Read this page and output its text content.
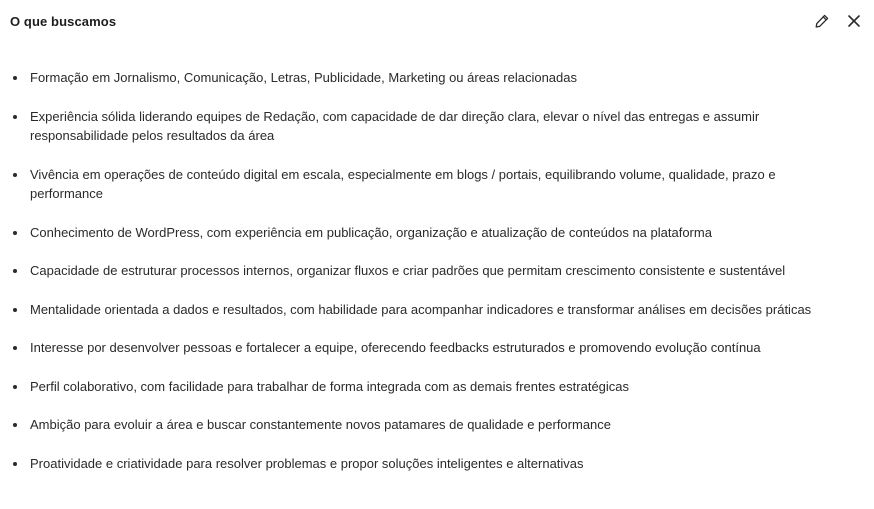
O que buscamos
Formação em Jornalismo, Comunicação, Letras, Publicidade, Marketing ou áreas relacionadas
Experiência sólida liderando equipes de Redação, com capacidade de dar direção clara, elevar o nível das entregas e assumir responsabilidade pelos resultados da área
Vivência em operações de conteúdo digital em escala, especialmente em blogs / portais, equilibrando volume, qualidade, prazo e performance
Conhecimento de WordPress, com experiência em publicação, organização e atualização de conteúdos na plataforma
Capacidade de estruturar processos internos, organizar fluxos e criar padrões que permitam crescimento consistente e sustentável
Mentalidade orientada a dados e resultados, com habilidade para acompanhar indicadores e transformar análises em decisões práticas
Interesse por desenvolver pessoas e fortalecer a equipe, oferecendo feedbacks estruturados e promovendo evolução contínua
Perfil colaborativo, com facilidade para trabalhar de forma integrada com as demais frentes estratégicas
Ambição para evoluir a área e buscar constantemente novos patamares de qualidade e performance
Proatividade e criatividade para resolver problemas e propor soluções inteligentes e alternativas
